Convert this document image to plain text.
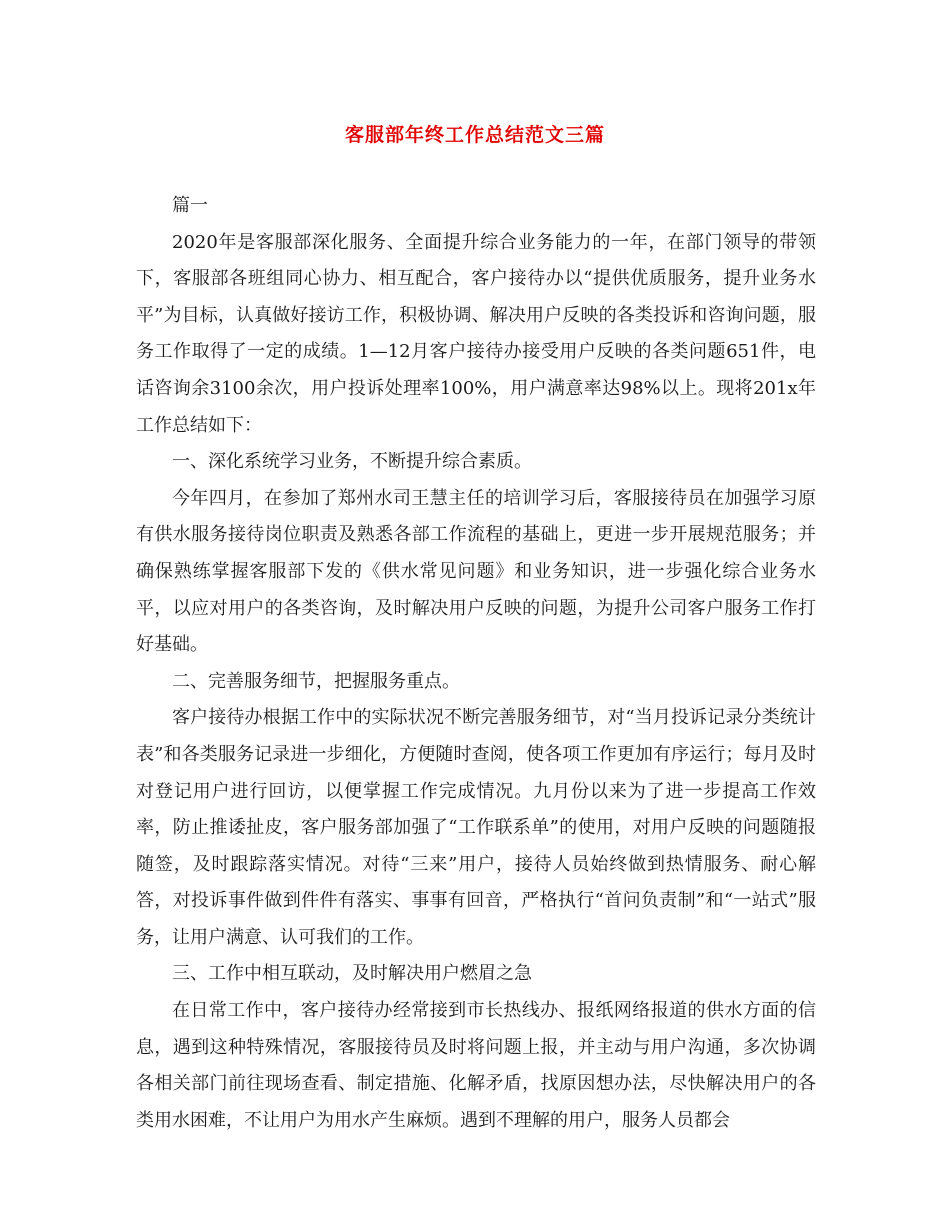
客服部年终工作总结范文三篇

篇一

2020年是客服部深化服务、全面提升综合业务能力的一年，在部门领导的带领下，客服部各班组同心协力、相互配合，客户接待办以“提供优质服务，提升业务水平”为目标，认真做好接访工作，积极协调、解决用户反映的各类投诉和咨询问题，服务工作取得了一定的成绩。1—12月客户接待办接受用户反映的各类问题651件，电话咨询余3100余次，用户投诉处理率100%，用户满意率达98%以上。现将201x年工作总结如下：

一、深化系统学习业务，不断提升综合素质。

今年四月，在参加了郑州水司王慧主任的培训学习后，客服接待员在加强学习原有供水服务接待岗位职责及熟悉各部工作流程的基础上，更进一步开展规范服务；并确保熟练掌握客服部下发的《供水常见问题》和业务知识，进一步强化综合业务水平，以应对用户的各类咨询，及时解决用户反映的问题，为提升公司客户服务工作打好基础。

二、完善服务细节，把握服务重点。

客户接待办根据工作中的实际状况不断完善服务细节，对“当月投诉记录分类统计表”和各类服务记录进一步细化，方便随时查阅，使各项工作更加有序运行；每月及时对登记用户进行回访，以便掌握工作完成情况。九月份以来为了进一步提高工作效率，防止推诿扯皮，客户服务部加强了“工作联系单”的使用，对用户反映的问题随报随签，及时跟踪落实情况。对待“三来”用户，接待人员始终做到热情服务、耐心解答，对投诉事件做到件件有落实、事事有回音，严格执行“首问负责制”和“一站式”服务，让用户满意、认可我们的工作。

三、工作中相互联动，及时解决用户燃眉之急

在日常工作中，客户接待办经常接到市长热线办、报纸网络报道的供水方面的信息，遇到这种特殊情况，客服接待员及时将问题上报，并主动与用户沟通，多次协调各相关部门前往现场查看、制定措施、化解矛盾，找原因想办法，尽快解决用户的各类用水困难，不让用户为用水产生麻烦。遇到不理解的用户，服务人员都会
